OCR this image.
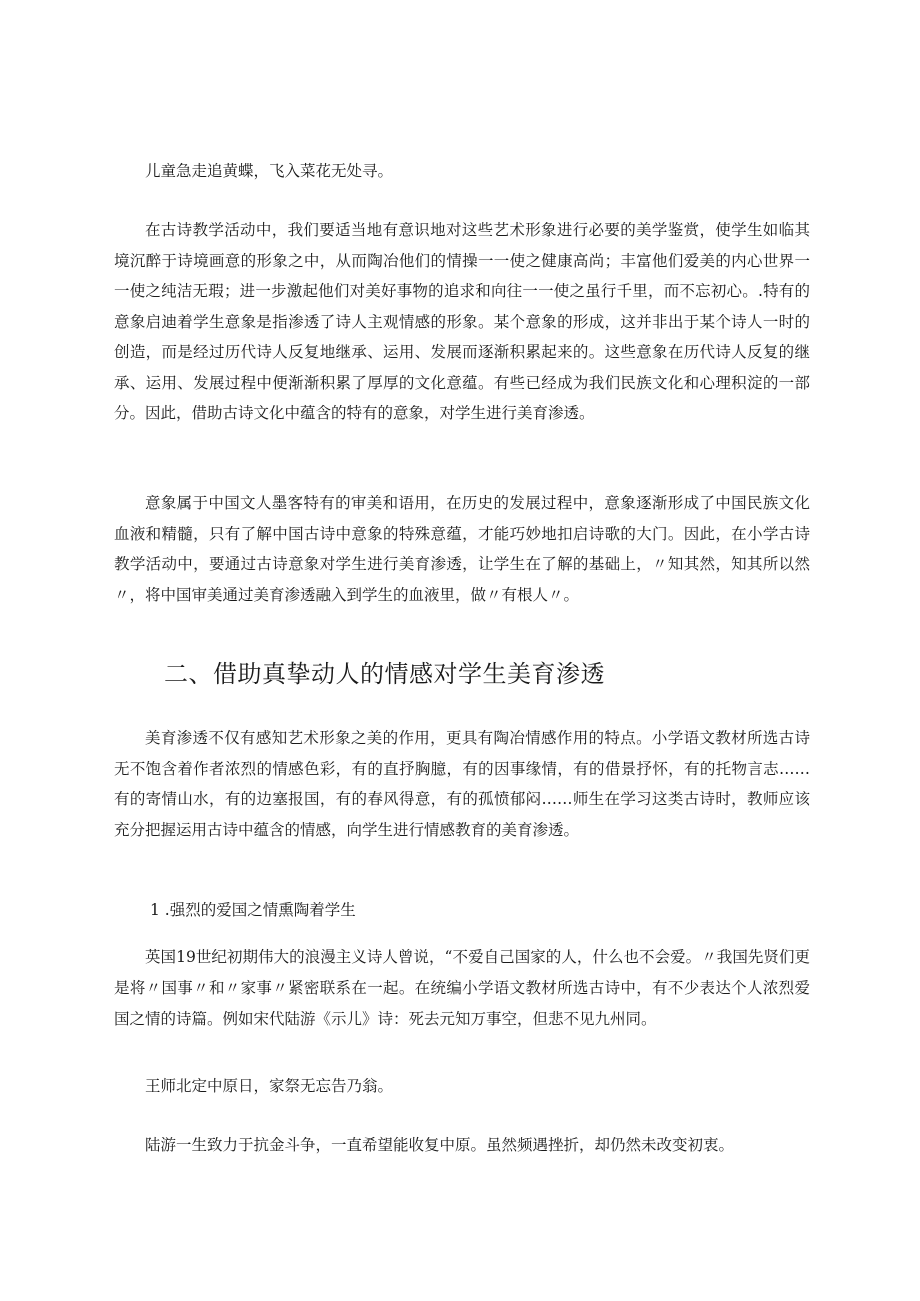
儿童急走追黄蝶，飞入菜花无处寻。

在古诗教学活动中，我们要适当地有意识地对这些艺术形象进行必要的美学鉴赏，使学生如临其境沉醉于诗境画意的形象之中，从而陶冶他们的情操一一使之健康高尚；丰富他们爱美的内心世界一一使之纯洁无瑕；进一步激起他们对美好事物的追求和向往一一使之虽行千里，而不忘初心。.特有的意象启迪着学生意象是指渗透了诗人主观情感的形象。某个意象的形成，这并非出于某个诗人一时的创造，而是经过历代诗人反复地继承、运用、发展而逐渐积累起来的。这些意象在历代诗人反复的继承、运用、发展过程中便渐渐积累了厚厚的文化意蕴。有些已经成为我们民族文化和心理积淀的一部分。因此，借助古诗文化中蕴含的特有的意象，对学生进行美育渗透。

意象属于中国文人墨客特有的审美和语用，在历史的发展过程中，意象逐渐形成了中国民族文化血液和精髓，只有了解中国古诗中意象的特殊意蕴，才能巧妙地扣启诗歌的大门。因此，在小学古诗教学活动中，要通过古诗意象对学生进行美育渗透，让学生在了解的基础上，〃知其然，知其所以然〃，将中国审美通过美育渗透融入到学生的血液里，做〃有根人〃。

二、借助真挚动人的情感对学生美育渗透

美育渗透不仅有感知艺术形象之美的作用，更具有陶冶情感作用的特点。小学语文教材所选古诗无不饱含着作者浓烈的情感色彩，有的直抒胸臆，有的因事缘情，有的借景抒怀，有的托物言志……有的寄情山水，有的边塞报国，有的春风得意，有的孤愤郁闷……师生在学习这类古诗时，教师应该充分把握运用古诗中蕴含的情感，向学生进行情感教育的美育渗透。

1 .强烈的爱国之情熏陶着学生

英国19世纪初期伟大的浪漫主义诗人曾说，“不爱自己国家的人，什么也不会爱。〃我国先贤们更是将〃国事〃和〃家事〃紧密联系在一起。在统编小学语文教材所选古诗中，有不少表达个人浓烈爱国之情的诗篇。例如宋代陆游《示儿》诗：死去元知万事空，但悲不见九州同。

王师北定中原日，家祭无忘告乃翁。

陆游一生致力于抗金斗争，一直希望能收复中原。虽然频遇挫折，却仍然未改变初衷。
